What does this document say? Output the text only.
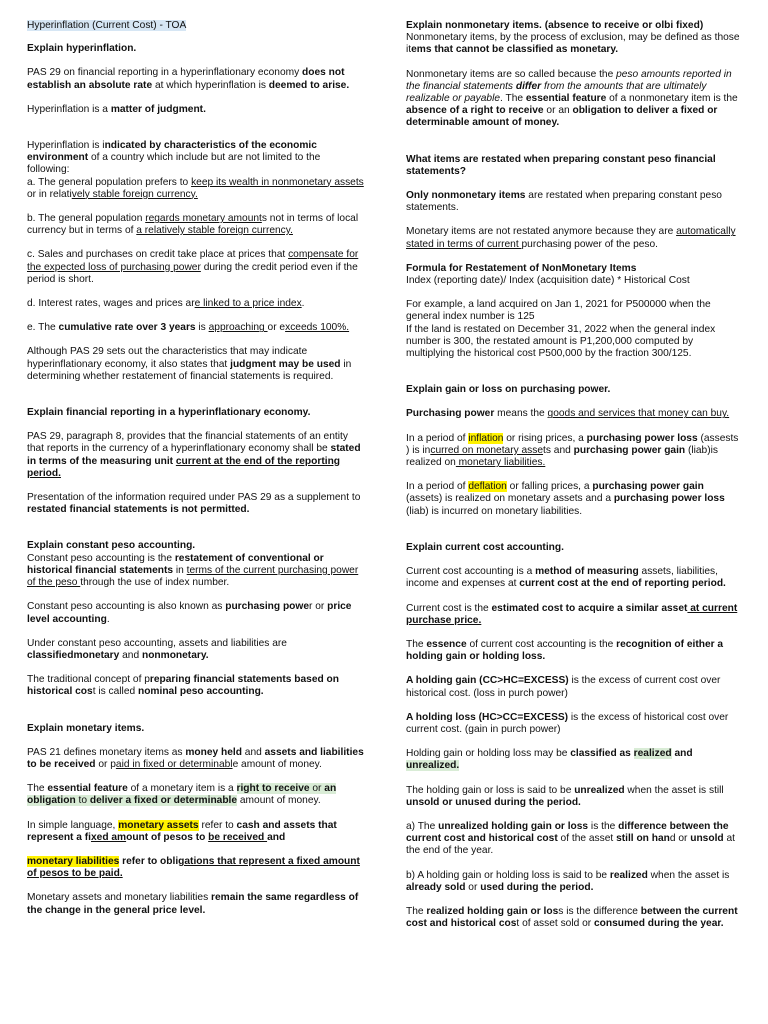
Hyperinflation (Current Cost) - TOA

Explain hyperinflation.

PAS 29 on financial reporting in a hyperinflationary economy does not establish an absolute rate at which hyperinflation is deemed to arise.

Hyperinflation is a matter of judgment.

Hyperinflation is indicated by characteristics of the economic environment of a country which include but are not limited to the following:
a. The general population prefers to keep its wealth in nonmonetary assets or in relatively stable foreign currency.

b. The general population regards monetary amounts not in terms of local currency but in terms of a relatively stable foreign currency.

c. Sales and purchases on credit take place at prices that compensate for the expected loss of purchasing power during the credit period even if the period is short.

d. Interest rates, wages and prices are linked to a price index.

e. The cumulative rate over 3 years is approaching or exceeds 100%.

Although PAS 29 sets out the characteristics that may indicate hyperinflationary economy, it also states that judgment may be used in determining whether restatement of financial statements is required.

Explain financial reporting in a hyperinflationary economy.

PAS 29, paragraph 8, provides that the financial statements of an entity that reports in the currency of a hyperinflationary economy shall be stated in terms of the measuring unit current at the end of the reporting period.

Presentation of the information required under PAS 29 as a supplement to restated financial statements is not permitted.

Explain constant peso accounting.
Constant peso accounting is the restatement of conventional or historical financial statements in terms of the current purchasing power of the peso through the use of index number.

Constant peso accounting is also known as purchasing power or price level accounting.

Under constant peso accounting, assets and liabilities are classifiedmonetary and nonmonetary.

The traditional concept of preparing financial statements based on historical cost is called nominal peso accounting.

Explain monetary items.

PAS 21 defines monetary items as money held and assets and liabilities to be received or paid in fixed or determinable amount of money.

The essential feature of a monetary item is a right to receive or an obligation to deliver a fixed or determinable amount of money.

In simple language, monetary assets refer to cash and assets that represent a fixed amount of pesos to be received and

monetary liabilities refer to obligations that represent a fixed amount of pesos to be paid.

Monetary assets and monetary liabilities remain the same regardless of the change in the general price level.

Explain nonmonetary items. (absence to receive or olbi fixed)
Nonmonetary items, by the process of exclusion, may be defined as those items that cannot be classified as monetary.

Nonmonetary items are so called because the peso amounts reported in the financial statements differ from the amounts that are ultimately realizable or payable. The essential feature of a nonmonetary item is the absence of a right to receive or an obligation to deliver a fixed or determinable amount of money.

What items are restated when preparing constant peso financial statements?

Only nonmonetary items are restated when preparing constant peso statements.

Monetary items are not restated anymore because they are automatically stated in terms of current purchasing power of the peso.

Formula for Restatement of NonMonetary Items
Index (reporting date)/ Index (acquisition date) * Historical Cost

For example, a land acquired on Jan 1, 2021 for P500000 when the general index number is 125
If the land is restated on December 31, 2022 when the general index number is 300, the restated amount is P1,200,000 computed by multiplying the historical cost P500,000 by the fraction 300/125.

Explain gain or loss on purchasing power.

Purchasing power means the goods and services that money can buy.

In a period of inflation or rising prices, a purchasing power loss (assests ) is incurred on monetary assets and purchasing power gain (liab)is realized on monetary liabilities.

In a period of deflation or falling prices, a purchasing power gain (assets) is realized on monetary assets and a purchasing power loss (liab) is incurred on monetary liabilities.

Explain current cost accounting.

Current cost accounting is a method of measuring assets, liabilities, income and expenses at current cost at the end of reporting period.

Current cost is the estimated cost to acquire a similar asset at current purchase price.

The essence of current cost accounting is the recognition of either a holding gain or holding loss.

A holding gain (CC>HC=EXCESS) is the excess of current cost over historical cost. (loss in purch power)

A holding loss (HC>CC=EXCESS) is the excess of historical cost over current cost. (gain in purch power)

Holding gain or holding loss may be classified as realized and unrealized.

The holding gain or loss is said to be unrealized when the asset is still unsold or unused during the period.

a) The unrealized holding gain or loss is the difference between the current cost and historical cost of the asset still on hand or unsold at the end of the year.

b) A holding gain or holding loss is said to be realized when the asset is already sold or used during the period.

The realized holding gain or loss is the difference between the current cost and historical cost of asset sold or consumed during the year.
